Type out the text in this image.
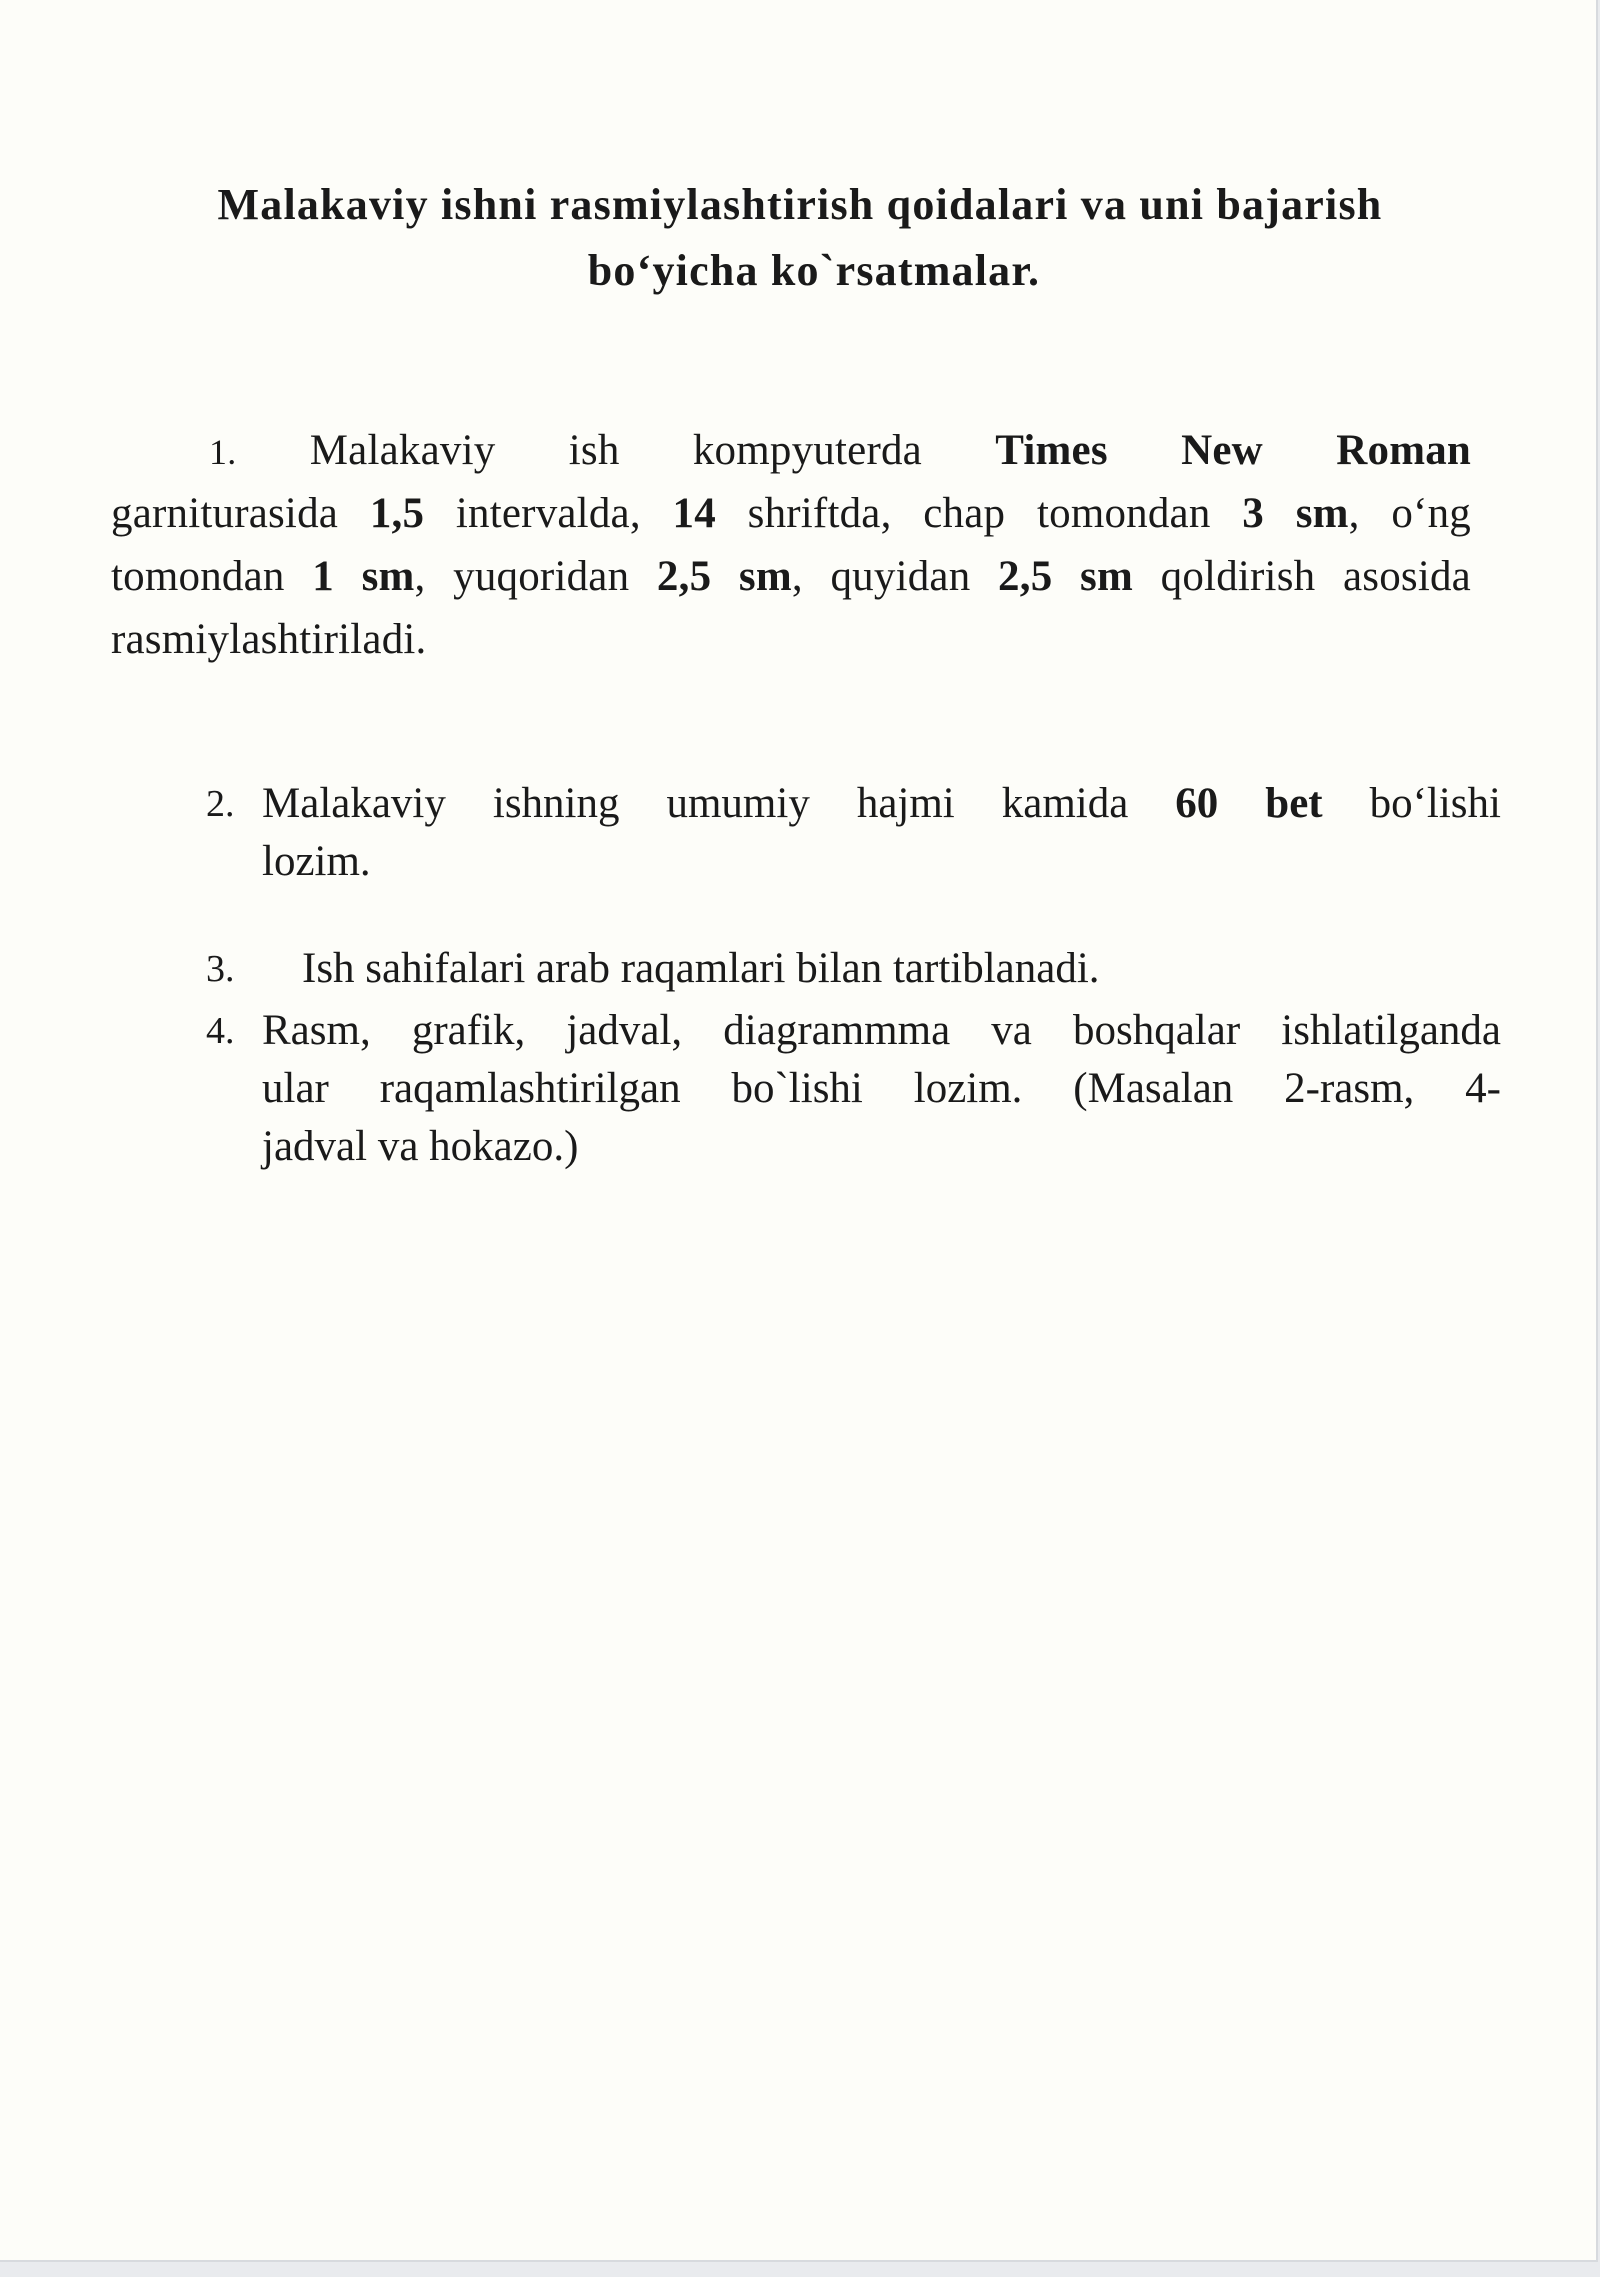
Malakaviy ishni rasmiylashtirish qoidalari va uni bajarish
bo‘yicha ko`rsatmalar.
1. Malakaviy ish kompyuterda Times New Roman
garniturasida 1,5 intervalda, 14 shriftda, chap tomondan 3 sm, o‘ng
tomondan 1 sm, yuqoridan 2,5 sm, quyidan 2,5 sm qoldirish asosida
rasmiylashtiriladi.
2. Malakaviy ishning umumiy hajmi kamida 60 bet bo‘lishi
lozim.
3. Ish sahifalari arab raqamlari bilan tartiblanadi.
4. Rasm, grafik, jadval, diagrammma va boshqalar ishlatilganda
ular raqamlashtirilgan bo`lishi lozim. (Masalan 2-rasm, 4-
jadval va hokazo.)
